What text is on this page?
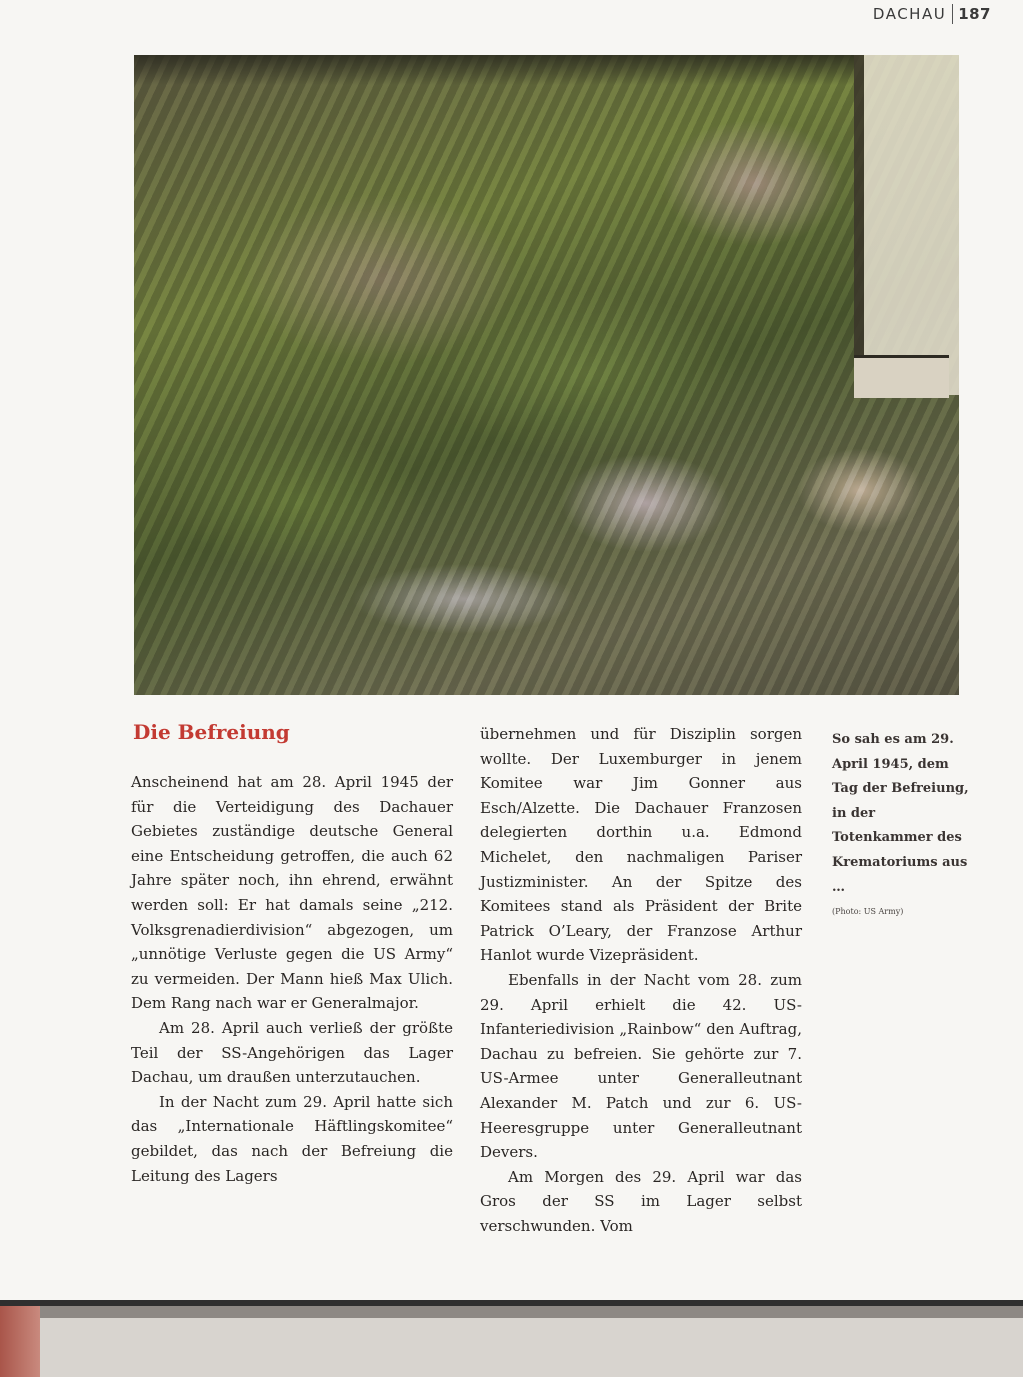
DACHAU 187
Die Befreiung

Anscheinend hat am 28. April 1945 der für die Verteidigung des Dachauer Gebietes zuständige deutsche General eine Entscheidung getroffen, die auch 62 Jahre später noch, ihn ehrend, erwähnt werden soll: Er hat damals seine „212. Volksgrenadierdivision“ abgezogen, um „unnötige Verluste gegen die US Army“ zu vermeiden. Der Mann hieß Max Ulich. Dem Rang nach war er Generalmajor.

Am 28. April auch verließ der größte Teil der SS-Angehörigen das Lager Dachau, um draußen unterzutauchen.

In der Nacht zum 29. April hatte sich das „Internationale Häftlingskomitee“ gebildet, das nach der Befreiung die Leitung des Lagers

übernehmen und für Disziplin sorgen wollte. Der Luxemburger in jenem Komitee war Jim Gonner aus Esch/Alzette. Die Dachauer Franzosen delegierten dorthin u.a. Edmond Michelet, den nachmaligen Pariser Justizminister. An der Spitze des Komitees stand als Präsident der Brite Patrick O’Leary, der Franzose Arthur Hanlot wurde Vizepräsident.

Ebenfalls in der Nacht vom 28. zum 29. April erhielt die 42. US-Infanteriedivision „Rainbow“ den Auftrag, Dachau zu befreien. Sie gehörte zur 7. US-Armee unter Generalleutnant Alexander M. Patch und zur 6. US-Heeresgruppe unter Generalleutnant Devers.

Am Morgen des 29. April war das Gros der SS im Lager selbst verschwunden. Vom

So sah es am 29. April 1945, dem Tag der Befreiung, in der Totenkammer des Krematoriums aus …
(Photo: US Army)
